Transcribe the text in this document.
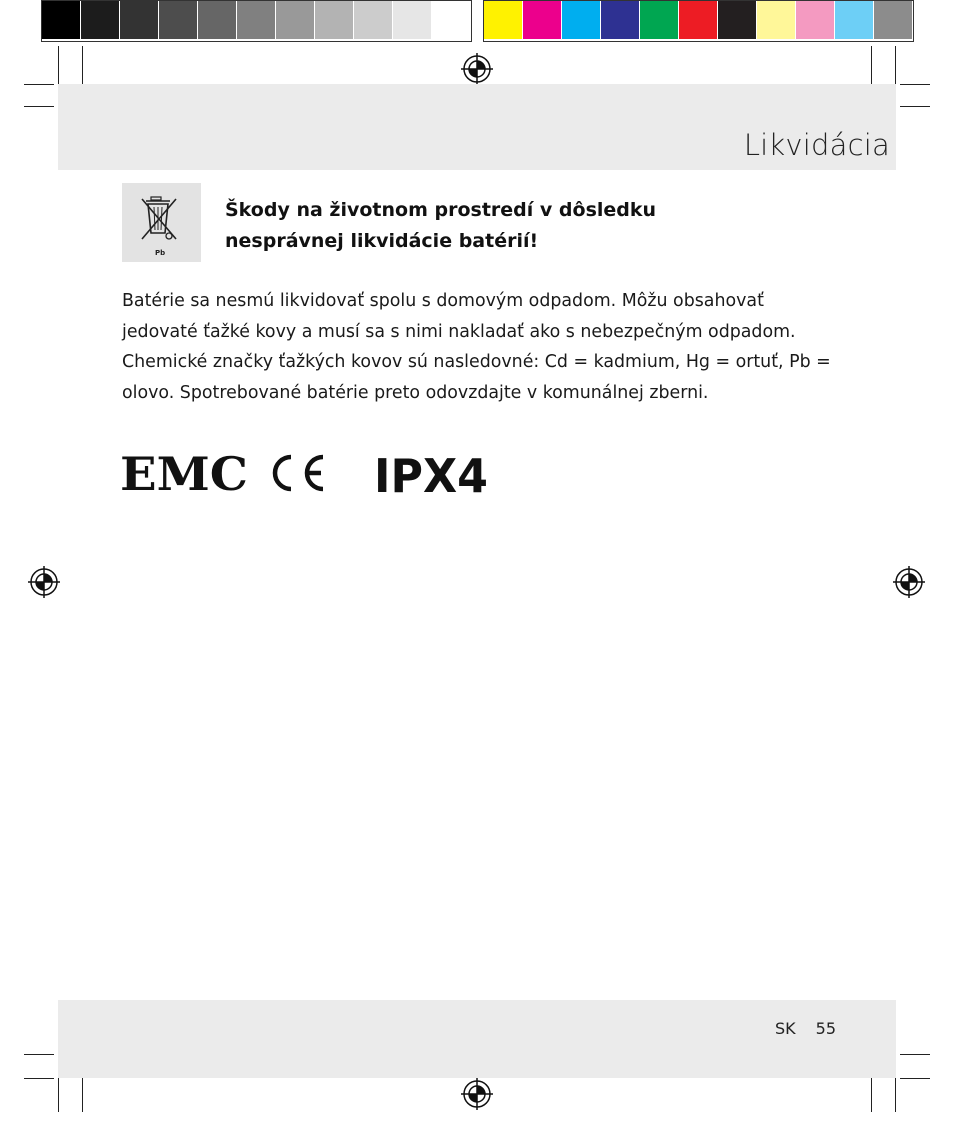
Likvidácia
Pb
Škody na životnom prostredí v dôsledku
nesprávnej likvidácie batérií!
Batérie sa nesmú likvidovať spolu s domovým odpadom. Môžu obsahovať jedovaté ťažké kovy a musí sa s nimi nakladať ako s nebezpečným odpadom. Chemické značky ťažkých kovov sú nasledovné: Cd = kadmium, Hg = ortuť, Pb = olovo. Spotrebované batérie preto odovzdajte v komunálnej zberni.
EMC	IPX4
SK 55
